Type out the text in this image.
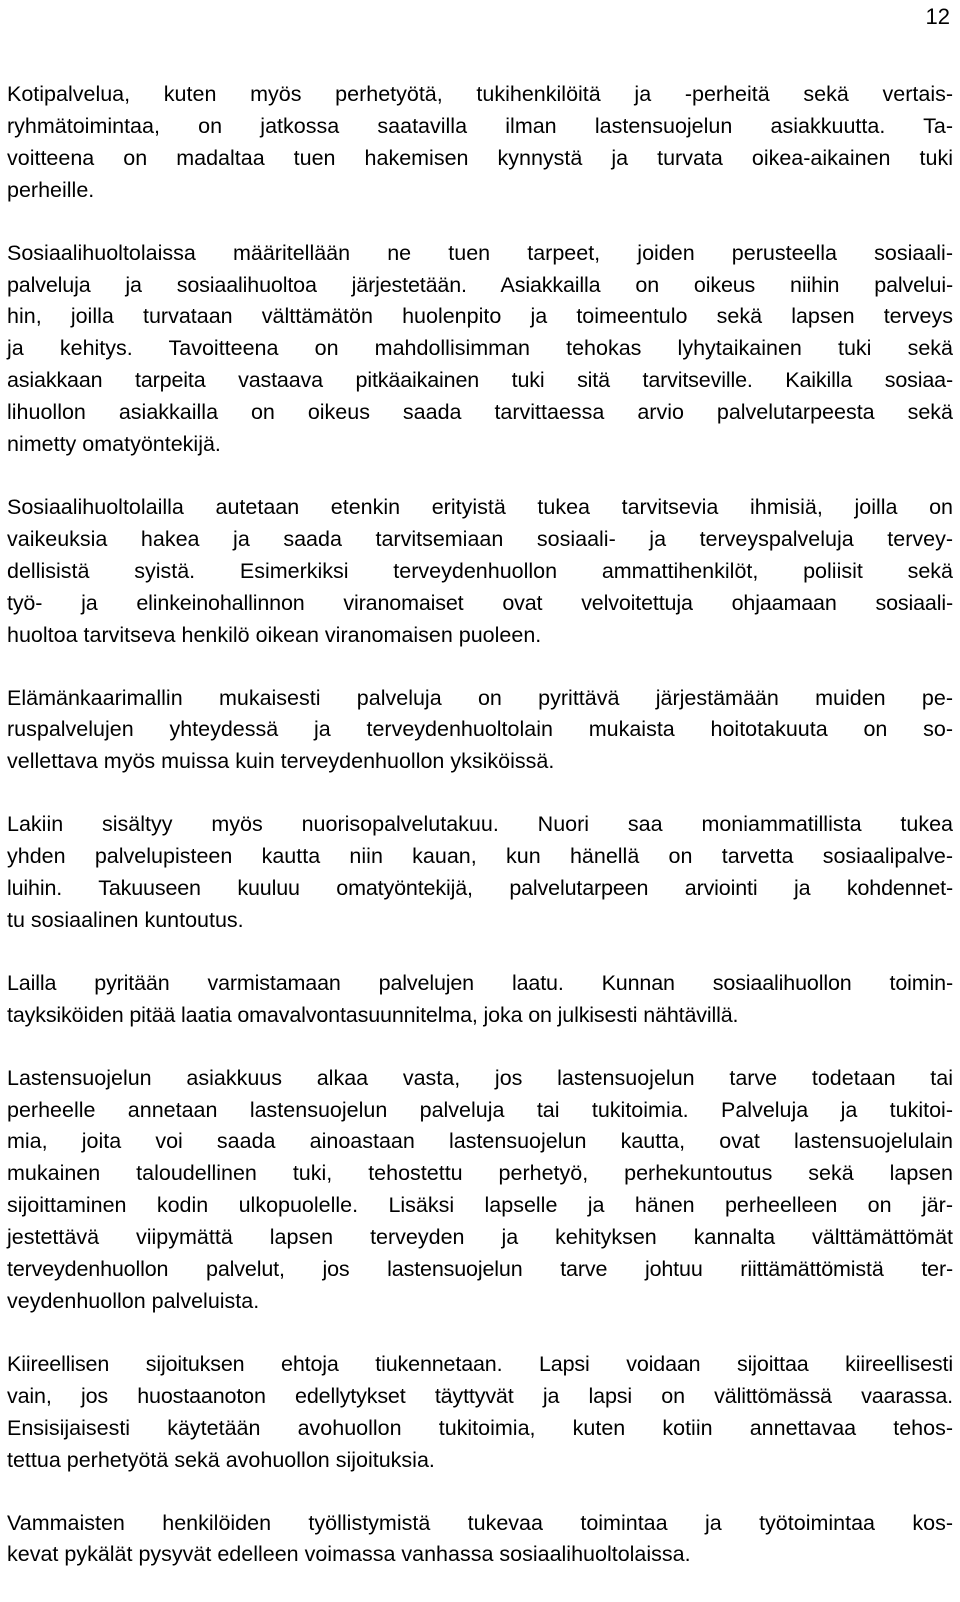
12

Kotipalvelua, kuten myös perhetyötä, tukihenkilöitä ja -perheitä sekä vertais-
ryhmätoimintaa, on jatkossa saatavilla ilman lastensuojelun asiakkuutta. Ta-
voitteena on madaltaa tuen hakemisen kynnystä ja turvata oikea-aikainen tuki
perheille.

Sosiaalihuoltolaissa määritellään ne tuen tarpeet, joiden perusteella sosiaali-
palveluja ja sosiaalihuoltoa järjestetään. Asiakkailla on oikeus niihin palvelui-
hin, joilla turvataan välttämätön huolenpito ja toimeentulo sekä lapsen terveys
ja kehitys. Tavoitteena on mahdollisimman tehokas lyhytaikainen tuki sekä
asiakkaan tarpeita vastaava pitkäaikainen tuki sitä tarvitseville. Kaikilla sosiaa-
lihuollon asiakkailla on oikeus saada tarvittaessa arvio palvelutarpeesta sekä
nimetty omatyöntekijä.

Sosiaalihuoltolailla autetaan etenkin erityistä tukea tarvitsevia ihmisiä, joilla on
vaikeuksia hakea ja saada tarvitsemiaan sosiaali- ja terveyspalveluja tervey-
dellisistä syistä. Esimerkiksi terveydenhuollon ammattihenkilöt, poliisit sekä
työ- ja elinkeinohallinnon viranomaiset ovat velvoitettuja ohjaamaan sosiaali-
huoltoa tarvitseva henkilö oikean viranomaisen puoleen.

Elämänkaarimallin mukaisesti palveluja on pyrittävä järjestämään muiden pe-
ruspalvelujen yhteydessä ja terveydenhuoltolain mukaista hoitotakuuta on so-
vellettava myös muissa kuin terveydenhuollon yksiköissä.

Lakiin sisältyy myös nuorisopalvelutakuu. Nuori saa moniammatillista tukea
yhden palvelupisteen kautta niin kauan, kun hänellä on tarvetta sosiaalipalve-
luihin. Takuuseen kuuluu omatyöntekijä, palvelutarpeen arviointi ja kohdennet-
tu sosiaalinen kuntoutus.

Lailla pyritään varmistamaan palvelujen laatu. Kunnan sosiaalihuollon toimin-
tayksiköiden pitää laatia omavalvontasuunnitelma, joka on julkisesti nähtävillä.

Lastensuojelun asiakkuus alkaa vasta, jos lastensuojelun tarve todetaan tai
perheelle annetaan lastensuojelun palveluja tai tukitoimia. Palveluja ja tukitoi-
mia, joita voi saada ainoastaan lastensuojelun kautta, ovat lastensuojelulain
mukainen taloudellinen tuki, tehostettu perhetyö, perhekuntoutus sekä lapsen
sijoittaminen kodin ulkopuolelle. Lisäksi lapselle ja hänen perheelleen on jär-
jestettävä viipymättä lapsen terveyden ja kehityksen kannalta välttämättömät
terveydenhuollon palvelut, jos lastensuojelun tarve johtuu riittämättömistä ter-
veydenhuollon palveluista.

Kiireellisen sijoituksen ehtoja tiukennetaan. Lapsi voidaan sijoittaa kiireellisesti
vain, jos huostaanoton edellytykset täyttyvät ja lapsi on välittömässä vaarassa.
Ensisijaisesti käytetään avohuollon tukitoimia, kuten kotiin annettavaa tehos-
tettua perhetyötä sekä avohuollon sijoituksia.

Vammaisten henkilöiden työllistymistä tukevaa toimintaa ja työtoimintaa kos-
kevat pykälät pysyvät edelleen voimassa vanhassa sosiaalihuoltolaissa.
